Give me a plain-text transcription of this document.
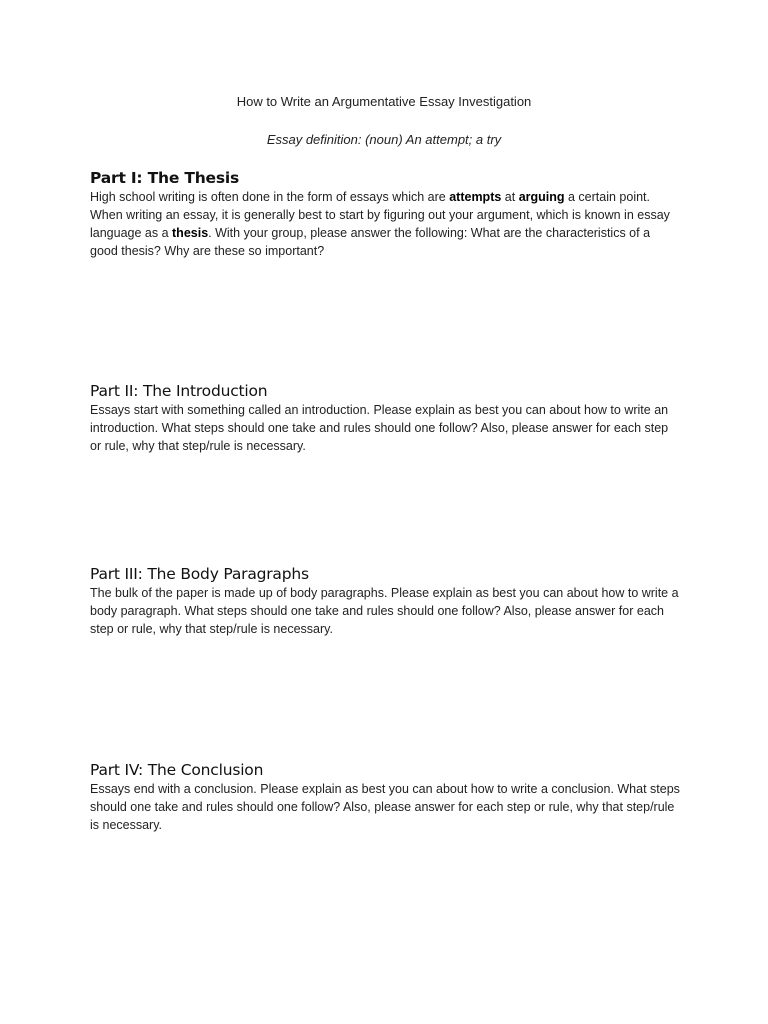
How to Write an Argumentative Essay Investigation
Essay definition: (noun) An attempt; a try
Part I: The Thesis

High school writing is often done in the form of essays which are attempts at arguing a certain point. When writing an essay, it is generally best to start by figuring out your argument, which is known in essay language as a thesis. With your group, please answer the following: What are the characteristics of a good thesis? Why are these so important?

Part II: The Introduction

Essays start with something called an introduction. Please explain as best you can about how to write an introduction. What steps should one take and rules should one follow? Also, please answer for each step or rule, why that step/rule is necessary.

Part III: The Body Paragraphs

The bulk of the paper is made up of body paragraphs. Please explain as best you can about how to write a body paragraph. What steps should one take and rules should one follow? Also, please answer for each step or rule, why that step/rule is necessary.

Part IV: The Conclusion

Essays end with a conclusion. Please explain as best you can about how to write a conclusion. What steps should one take and rules should one follow? Also, please answer for each step or rule, why that step/rule is necessary.
